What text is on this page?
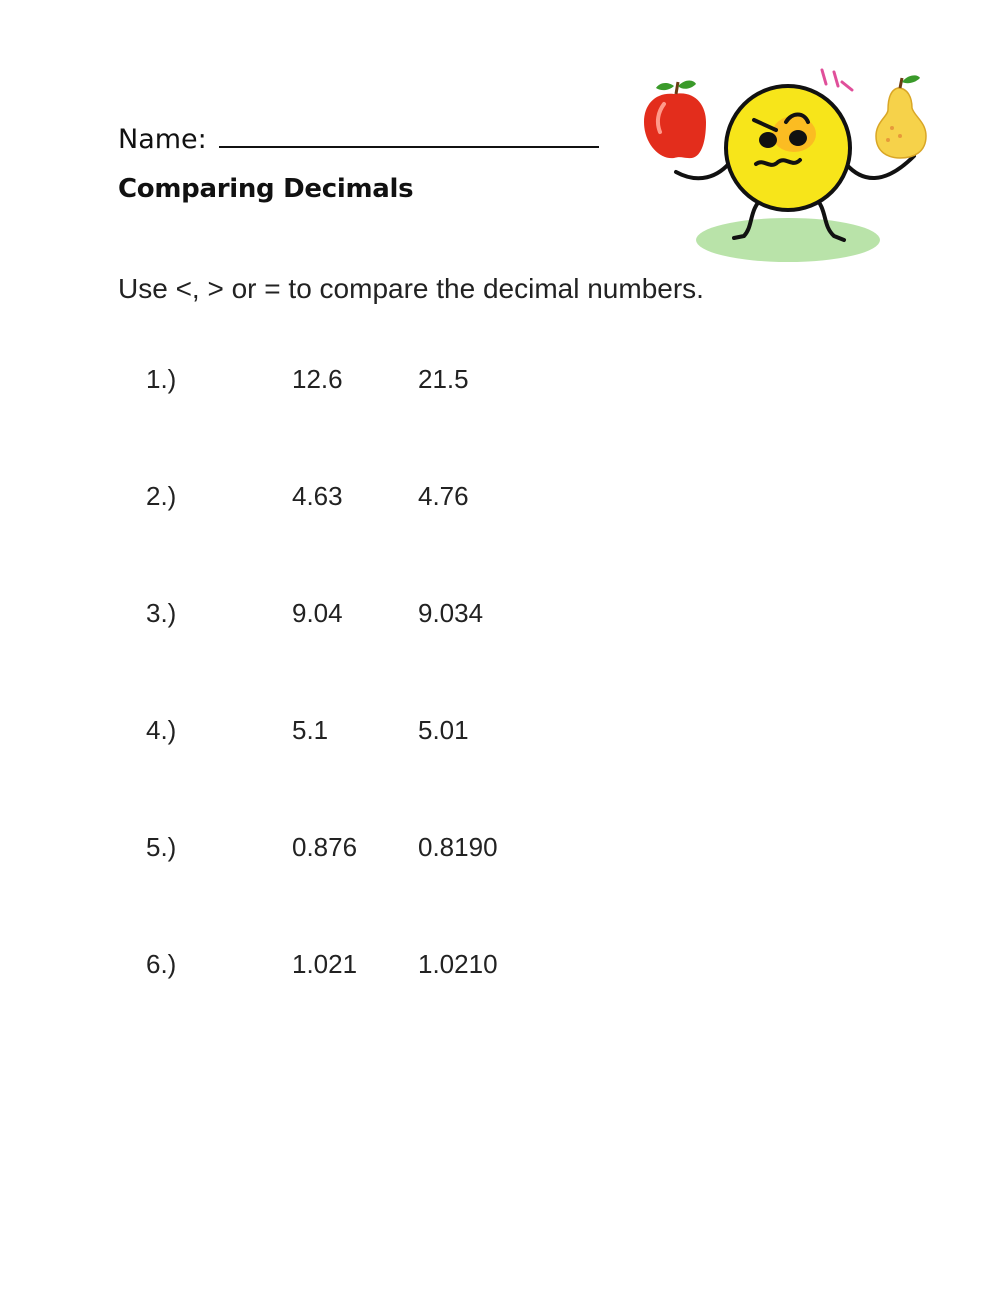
Name:
Comparing Decimals
Use <, > or = to compare the decimal numbers.
1.)	12.6	21.5
2.)	4.63	4.76
3.)	9.04	9.034
4.)	5.1	5.01
5.)	0.876 0.8190
6.)	1.021 1.0210
